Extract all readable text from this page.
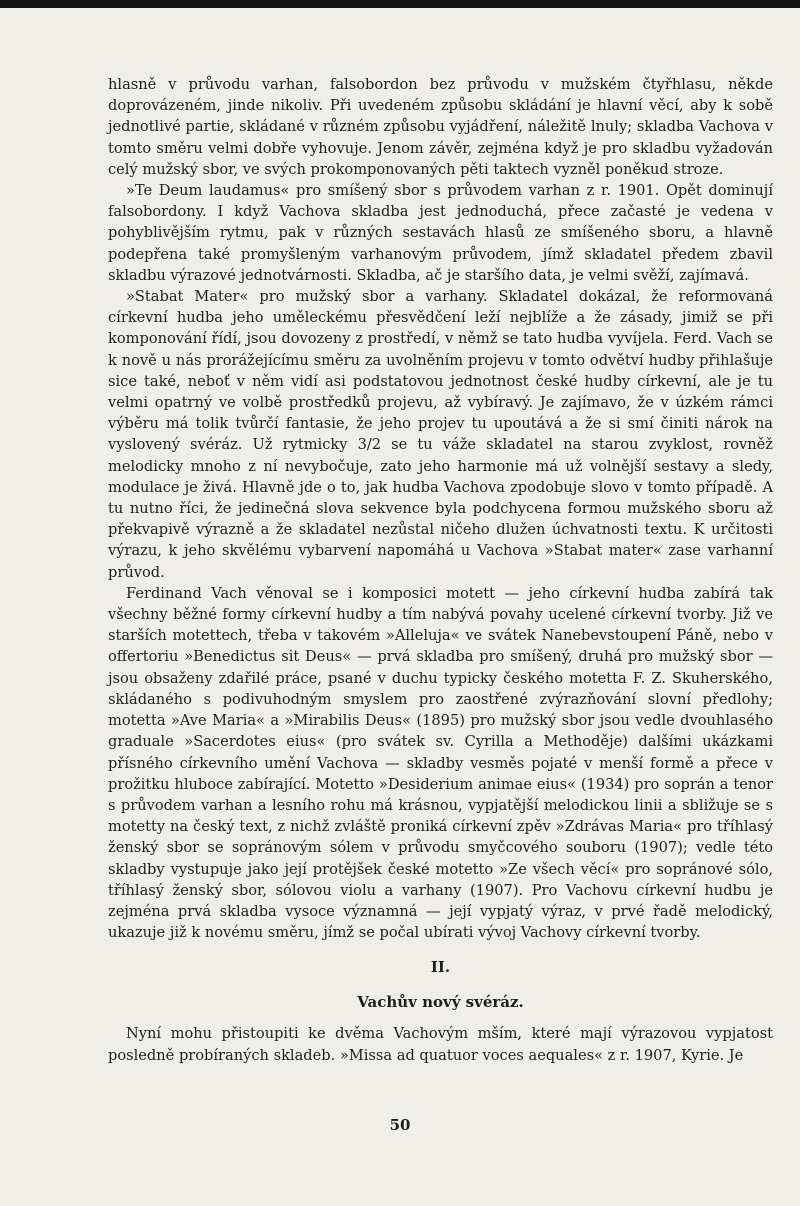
hlasně v průvodu varhan, falsobordon bez průvodu v mužském čtyřhlasu, někde doprovázeném, jinde nikoliv. Při uvedeném způsobu skládání je hlavní věcí, aby k sobě jednotlivé partie, skládané v různém způsobu vyjádření, náležitě lnuly; skladba Vachova v tomto směru velmi dobře vyhovuje. Jenom závěr, zejména když je pro skladbu vyžadován celý mužský sbor, ve svých prokomponovaných pěti taktech vyzněl poněkud stroze.

»Te Deum laudamus« pro smíšený sbor s průvodem varhan z r. 1901. Opět dominují falsobordony. I když Vachova skladba jest jednoduchá, přece začasté je vedena v pohyblivějším rytmu, pak v různých sestavách hlasů ze smíšeného sboru, a hlavně podepřena také promyšleným varhanovým průvodem, jímž skladatel předem zbavil skladbu výrazové jednotvárnosti. Skladba, ač je staršího data, je velmi svěží, zajímavá.

»Stabat Mater« pro mužský sbor a varhany. Skladatel dokázal, že reformovaná církevní hudba jeho uměleckému přesvědčení leží nejblíže a že zásady, jimiž se při komponování řídí, jsou dovozeny z prostředí, v němž se tato hudba vyvíjela. Ferd. Vach se k nově u nás prorážejícímu směru za uvolněním projevu v tomto odvětví hudby přihlašuje sice také, neboť v něm vidí asi podstatovou jednotnost české hudby církevní, ale je tu velmi opatrný ve volbě prostředků projevu, až vybíravý. Je zajímavo, že v úzkém rámci výběru má tolik tvůrčí fantasie, že jeho projev tu upoutává a že si smí činiti nárok na vyslovený svéráz. Už rytmicky 3/2 se tu váže skladatel na starou zvyklost, rovněž melodicky mnoho z ní nevybočuje, zato jeho harmonie má už volnější sestavy a sledy, modulace je živá. Hlavně jde o to, jak hudba Vachova zpodobuje slovo v tomto případě. A tu nutno říci, že jedinečná slova sekvence byla podchycena formou mužského sboru až překvapivě výrazně a že skladatel nezůstal ničeho dlužen úchvatnosti textu. K určitosti výrazu, k jeho skvělému vybarvení napomáhá u Vachova »Stabat mater« zase varhanní průvod.

Ferdinand Vach věnoval se i komposici motett — jeho církevní hudba zabírá tak všechny běžné formy církevní hudby a tím nabývá povahy ucelené církevní tvorby. Již ve starších motettech, třeba v takovém »Alleluja« ve svátek Nanebevstoupení Páně, nebo v offertoriu »Benedictus sit Deus« — prvá skladba pro smíšený, druhá pro mužský sbor — jsou obsaženy zdařilé práce, psané v duchu typicky českého motetta F. Z. Skuherského, skládaného s podivuhodným smyslem pro zaostřené zvýrazňování slovní předlohy; motetta »Ave Maria« a »Mirabilis Deus« (1895) pro mužský sbor jsou vedle dvouhlasého graduale »Sacerdotes eius« (pro svátek sv. Cyrilla a Methoděje) dalšími ukázkami přísného církevního umění Vachova — skladby vesměs pojaté v menší formě a přece v prožitku hluboce zabírající. Motetto »Desiderium animae eius« (1934) pro soprán a tenor s průvodem varhan a lesního rohu má krásnou, vypjatější melodickou linii a sbližuje se s motetty na český text, z nichž zvláště proniká církevní zpěv »Zdrávas Maria« pro tříhlasý ženský sbor se sopránovým sólem v průvodu smyčcového souboru (1907); vedle této skladby vystupuje jako její protějšek české motetto »Ze všech věcí« pro sopránové sólo, tříhlasý ženský sbor, sólovou violu a varhany (1907). Pro Vachovu církevní hudbu je zejména prvá skladba vysoce významná — její vypjatý výraz, v prvé řadě melodický, ukazuje již k novému směru, jímž se počal ubírati vývoj Vachovy církevní tvorby.

II.
Vachův nový svéráz.

Nyní mohu přistoupiti ke dvěma Vachovým mším, které mají výrazovou vypjatost posledně probíraných skladeb. »Missa ad quatuor voces aequales« z r. 1907, Kyrie. Je

50
